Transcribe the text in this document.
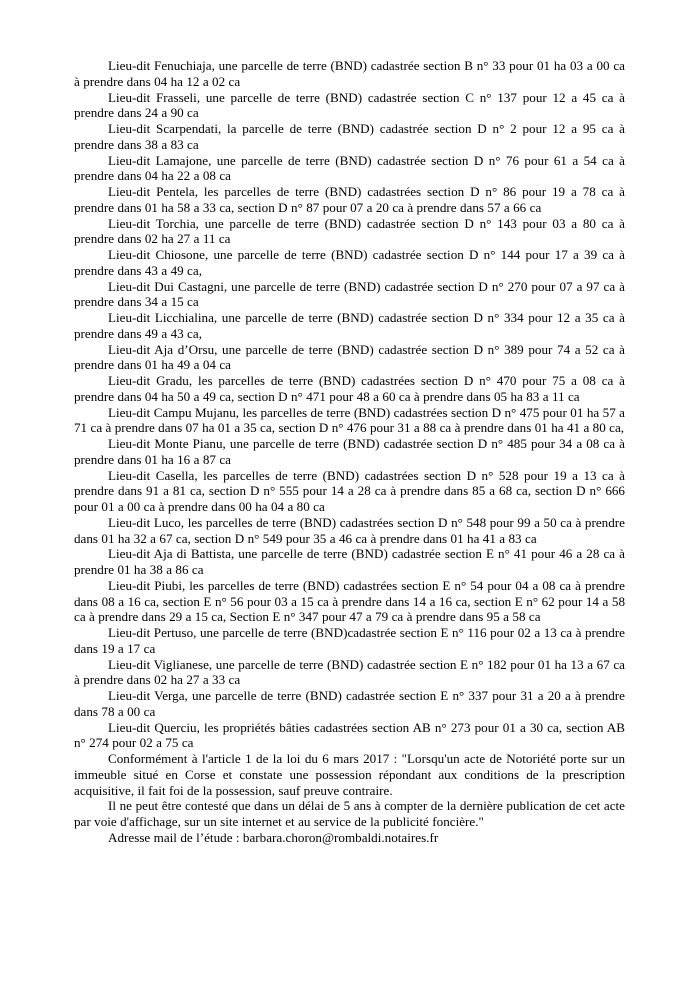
Lieu-dit Fenuchiaja, une parcelle de terre (BND) cadastrée section B n° 33 pour 01 ha 03 a 00 ca à prendre dans 04 ha 12 a 02 ca

Lieu-dit Frasseli, une parcelle de terre (BND) cadastrée section C n° 137 pour 12 a 45 ca à prendre dans 24 a 90 ca

Lieu-dit Scarpendati, la parcelle de terre (BND) cadastrée section D n° 2 pour 12 a 95 ca à prendre dans 38 a 83 ca

Lieu-dit Lamajone, une parcelle de terre (BND) cadastrée section D n° 76 pour 61 a 54 ca à prendre dans 04 ha 22 a 08 ca

Lieu-dit Pentela, les parcelles de terre (BND) cadastrées section D n° 86 pour 19 a 78 ca à prendre dans 01 ha 58 a 33 ca, section D n° 87 pour 07 a 20 ca à prendre dans 57 a 66 ca

Lieu-dit Torchia, une parcelle de terre (BND) cadastrée section D n° 143 pour 03 a 80 ca à prendre dans 02 ha 27 a 11 ca

Lieu-dit Chiosone, une parcelle de terre (BND) cadastrée section D n° 144 pour 17 a 39 ca à prendre dans 43 a 49 ca,

Lieu-dit Dui Castagni, une parcelle de terre (BND) cadastrée section D n° 270 pour 07 a 97 ca à prendre dans 34 a 15 ca

Lieu-dit Licchialina, une parcelle de terre (BND) cadastrée section D n° 334 pour 12 a 35 ca à prendre dans 49 a 43 ca,

Lieu-dit Aja d’Orsu, une parcelle de terre (BND) cadastrée section D n° 389 pour 74 a 52 ca à prendre dans 01 ha 49 a 04 ca

Lieu-dit Gradu, les parcelles de terre (BND) cadastrées section D n° 470 pour 75 a 08 ca à prendre dans 04 ha 50 a 49 ca, section D n° 471 pour 48 a 60 ca à prendre dans 05 ha 83 a 11 ca

Lieu-dit Campu Mujanu, les parcelles de terre (BND) cadastrées section D n° 475 pour 01 ha 57 a 71 ca à prendre dans 07 ha 01 a 35 ca, section D n° 476 pour 31 a 88 ca à prendre dans 01 ha 41 a 80 ca,

Lieu-dit Monte Pianu, une parcelle de terre (BND) cadastrée section D n° 485 pour 34 a 08 ca à prendre dans 01 ha 16 a 87 ca

Lieu-dit Casella, les parcelles de terre (BND) cadastrées section D n° 528 pour 19 a 13 ca à prendre dans 91 a 81 ca, section D n° 555 pour 14 a 28 ca à prendre dans 85 a 68 ca, section D n° 666 pour 01 a 00 ca à prendre dans 00 ha 04 a 80 ca

Lieu-dit Luco, les parcelles de terre (BND) cadastrées section D n° 548 pour 99 a 50 ca à prendre dans 01 ha 32 a 67 ca, section D n° 549 pour 35 a 46 ca à prendre dans 01 ha 41 a 83 ca

Lieu-dit Aja di Battista, une parcelle de terre (BND) cadastrée section E n° 41 pour 46 a 28 ca à prendre 01 ha 38 a 86 ca

Lieu-dit Piubi, les parcelles de terre (BND) cadastrées section E n° 54 pour 04 a 08 ca à prendre dans 08 a 16 ca, section E n° 56 pour 03 a 15 ca à prendre dans 14 a 16 ca, section E n° 62 pour 14 a 58 ca à prendre dans 29 a 15 ca, Section E n° 347 pour 47 a 79 ca à prendre dans 95 a 58 ca

Lieu-dit Pertuso, une parcelle de terre (BND)cadastrée section E n° 116 pour 02 a 13 ca à prendre dans 19 a 17 ca

Lieu-dit Viglianese, une parcelle de terre (BND) cadastrée section E n° 182 pour 01 ha 13 a 67 ca à prendre dans 02 ha 27 a 33 ca

Lieu-dit Verga, une parcelle de terre (BND) cadastrée section E n° 337 pour 31 a 20 a à prendre dans 78 a 00 ca

Lieu-dit Querciu, les propriétés bâties cadastrées section AB n° 273 pour 01 a 30 ca, section AB n° 274 pour 02 a 75 ca

Conformément à l'article 1 de la loi du 6 mars 2017 : "Lorsqu'un acte de Notoriété porte sur un immeuble situé en Corse et constate une possession répondant aux conditions de la prescription acquisitive, il fait foi de la possession, sauf preuve contraire.

Il ne peut être contesté que dans un délai de 5 ans à compter de la dernière publication de cet acte par voie d'affichage, sur un site internet et au service de la publicité foncière."

Adresse mail de l’étude : barbara.choron@rombaldi.notaires.fr
